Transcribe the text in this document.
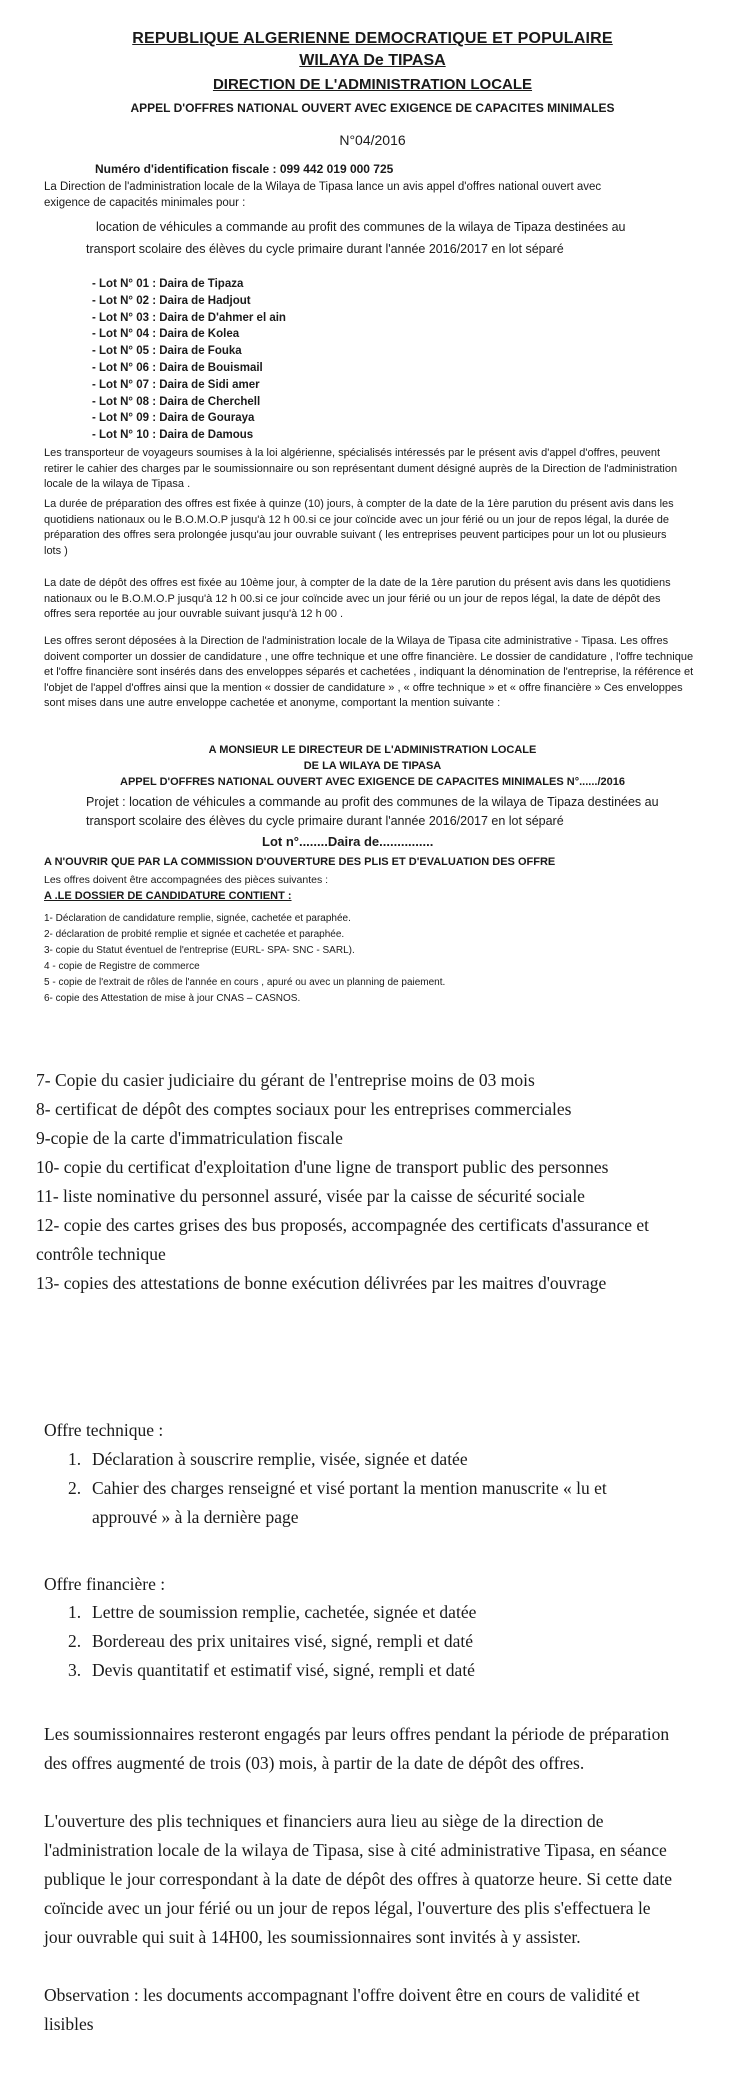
REPUBLIQUE ALGERIENNE DEMOCRATIQUE ET POPULAIRE
WILAYA De TIPASA
DIRECTION DE L'ADMINISTRATION LOCALE
APPEL D'OFFRES NATIONAL OUVERT AVEC EXIGENCE DE CAPACITES MINIMALES
N°04/2016
Numéro d'identification fiscale : 099 442 019 000 725
La Direction de l'administration locale de la Wilaya de Tipasa lance un avis appel d'offres national ouvert avec exigence de capacités minimales pour :
location de véhicules a commande au profit des communes de la wilaya de Tipaza destinées au
transport scolaire des élèves du cycle primaire durant l'année 2016/2017 en lot séparé
- Lot N° 01 : Daira de Tipaza
- Lot N° 02 : Daira de Hadjout
- Lot N° 03 : Daira de D'ahmer el ain
- Lot N° 04 : Daira de Kolea
- Lot N° 05 : Daira de Fouka
- Lot N° 06 : Daira de Bouismail
- Lot N° 07 : Daira de Sidi amer
- Lot N° 08 : Daira de Cherchell
- Lot N° 09 : Daira de Gouraya
- Lot N° 10 : Daira de Damous
Les transporteur de voyageurs soumises à la loi algérienne, spécialisés intéressés par le présent avis d'appel d'offres, peuvent retirer le cahier des charges par le soumissionnaire ou son représentant dument désigné auprès de la Direction de l'administration locale de la wilaya de Tipasa .
La durée de préparation des offres est fixée à quinze (10) jours, à compter de la date de la 1ère parution du présent avis dans les quotidiens nationaux ou le B.O.M.O.P jusqu'à 12 h 00.si ce jour coïncide avec un jour férié ou un jour de repos légal, la durée de préparation des offres sera prolongée jusqu'au jour ouvrable suivant ( les entreprises peuvent participes pour un lot ou plusieurs lots )
La date de dépôt des offres est fixée au 10ème jour, à compter de la date de la 1ère parution du présent avis dans les quotidiens nationaux ou le B.O.M.O.P jusqu'à 12 h 00.si ce jour coïncide avec un jour férié ou un jour de repos légal, la date de dépôt des offres sera reportée au jour ouvrable suivant jusqu'à 12 h 00 .
Les offres seront déposées à la Direction de l'administration locale de la Wilaya de Tipasa cite administrative - Tipasa. Les offres doivent comporter un dossier de candidature , une offre technique et une offre financière. Le dossier de candidature , l'offre technique et l'offre financière sont insérés dans des enveloppes séparés et cachetées , indiquant la dénomination de l'entreprise, la référence et l'objet de l'appel d'offres ainsi que la mention « dossier de candidature » , « offre technique » et « offre financière » Ces enveloppes sont mises dans une autre enveloppe cachetée et anonyme, comportant la mention suivante :
A MONSIEUR LE DIRECTEUR DE L'ADMINISTRATION LOCALE
DE LA WILAYA DE TIPASA
APPEL D'OFFRES NATIONAL OUVERT AVEC EXIGENCE DE CAPACITES MINIMALES N°....../2016
Projet : location de véhicules a commande au profit des communes de la wilaya de Tipaza destinées au
transport scolaire des élèves du cycle primaire durant l'année 2016/2017 en lot séparé
Lot n°........Daira de...............
A N'OUVRIR QUE PAR LA COMMISSION D'OUVERTURE DES PLIS ET D'EVALUATION DES OFFRE
Les offres doivent être accompagnées des pièces suivantes :
A .LE DOSSIER DE CANDIDATURE CONTIENT :
1- Déclaration de candidature remplie, signée, cachetée et paraphée.
2- déclaration de probité remplie et signée et cachetée et paraphée.
3- copie du Statut éventuel de l'entreprise (EURL- SPA- SNC - SARL).
4 - copie de Registre de commerce
5 - copie de l'extrait de rôles de l'année en cours , apuré ou avec un planning de paiement.
6- copie des Attestation de mise à jour CNAS – CASNOS.
7- Copie du casier judiciaire du gérant de l'entreprise moins de 03 mois
8- certificat de dépôt des comptes sociaux pour les entreprises commerciales
9-copie de la carte d'immatriculation fiscale
10- copie du certificat d'exploitation d'une ligne de transport public des personnes
11- liste nominative du personnel assuré, visée par la caisse de sécurité sociale
12- copie des cartes grises des bus proposés, accompagnée des certificats d'assurance et contrôle technique
13- copies des attestations de bonne exécution délivrées par les maitres d'ouvrage
Offre technique :
1. Déclaration à souscrire remplie, visée, signée et datée
2. Cahier des charges renseigné et visé portant la mention manuscrite « lu et approuvé » à la dernière page
Offre financière :
1. Lettre de soumission remplie, cachetée, signée et datée
2. Bordereau des prix unitaires visé, signé, rempli et daté
3. Devis quantitatif et estimatif visé, signé, rempli et daté
Les soumissionnaires resteront engagés par leurs offres pendant la période de préparation des offres augmenté de trois (03) mois, à partir de la date de dépôt des offres.
L'ouverture des plis techniques et financiers aura lieu au siège de la direction de l'administration locale de la wilaya de Tipasa, sise à cité administrative Tipasa, en séance publique le jour correspondant à la date de dépôt des offres à quatorze heure. Si cette date coïncide avec un jour férié ou un jour de repos légal, l'ouverture des plis s'effectuera le jour ouvrable qui suit à 14H00, les soumissionnaires sont invités à y assister.
Observation : les documents accompagnant l'offre doivent être en cours de validité et lisibles
